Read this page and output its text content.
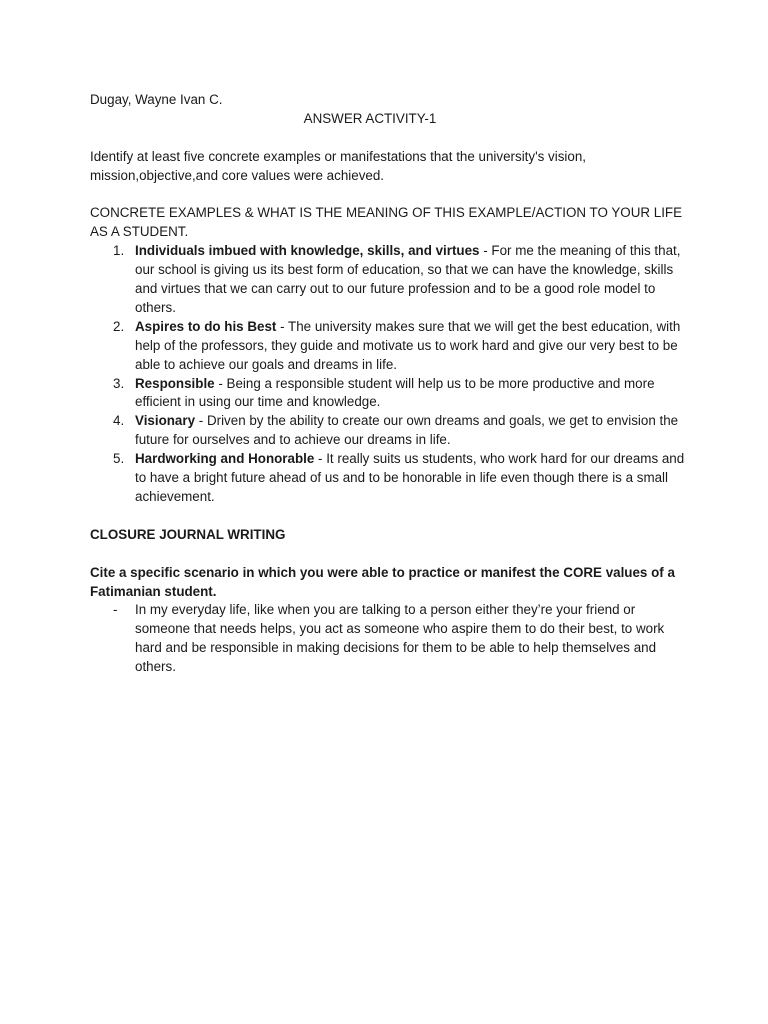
Dugay, Wayne Ivan C.

ANSWER ACTIVITY-1

Identify at least five concrete examples or manifestations that the university's vision, mission,objective,and core values were achieved.

CONCRETE EXAMPLES & WHAT IS THE MEANING OF THIS EXAMPLE/ACTION TO YOUR LIFE AS A STUDENT.

1. Individuals imbued with knowledge, skills, and virtues - For me the meaning of this that, our school is giving us its best form of education, so that we can have the knowledge, skills and virtues that we can carry out to our future profession and to be a good role model to others.
2. Aspires to do his Best - The university makes sure that we will get the best education, with help of the professors, they guide and motivate us to work hard and give our very best to be able to achieve our goals and dreams in life.
3. Responsible - Being a responsible student will help us to be more productive and more efficient in using our time and knowledge.
4. Visionary - Driven by the ability to create our own dreams and goals, we get to envision the future for ourselves and to achieve our dreams in life.
5. Hardworking and Honorable - It really suits us students, who work hard for our dreams and to have a bright future ahead of us and to be honorable in life even though there is a small achievement.

CLOSURE JOURNAL WRITING

Cite a specific scenario in which you were able to practice or manifest the CORE values of a Fatimanian student.

- In my everyday life, like when you are talking to a person either they’re your friend or someone that needs helps, you act as someone who aspire them to do their best, to work hard and be responsible in making decisions for them to be able to help themselves and others.
